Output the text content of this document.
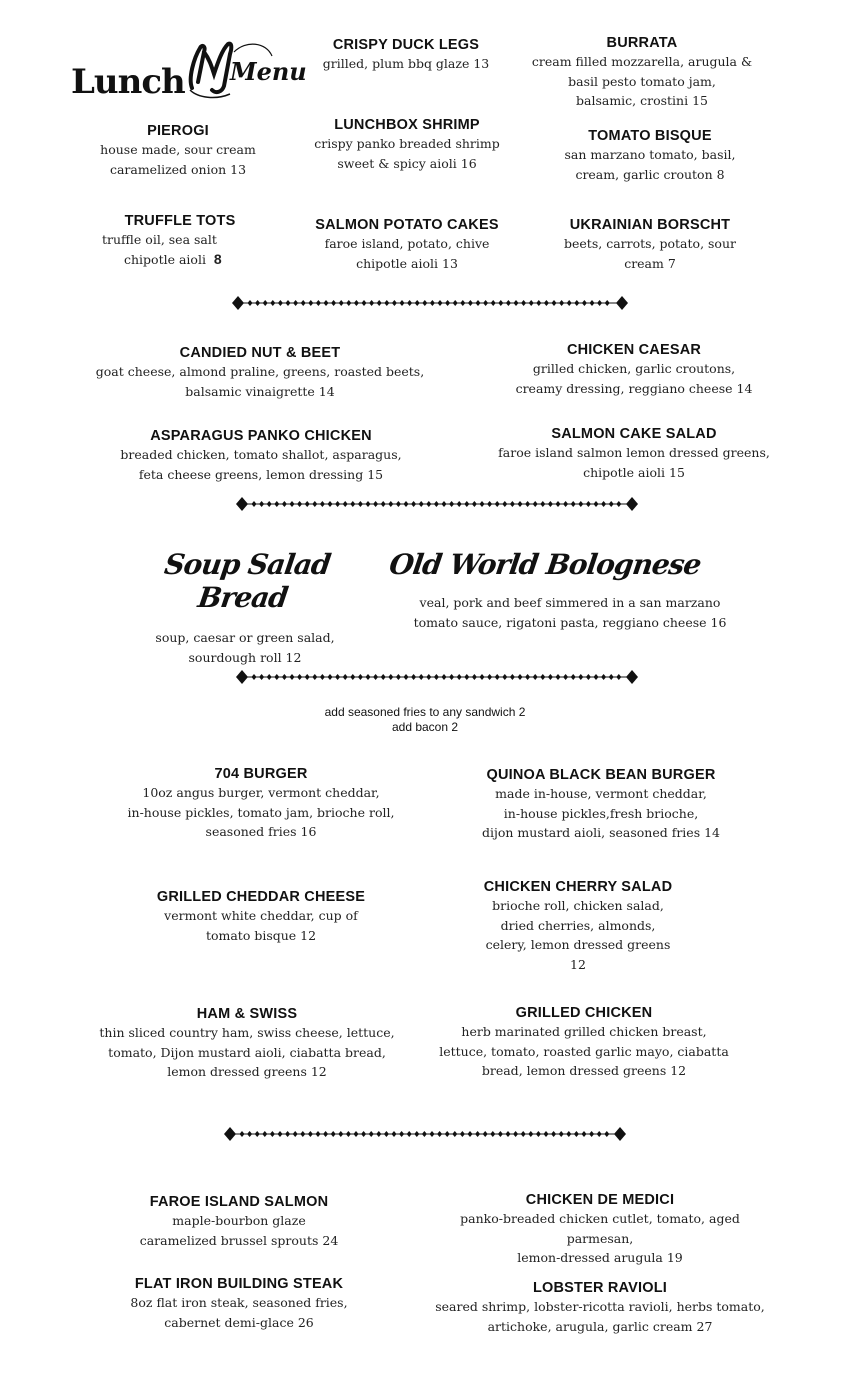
Lunch Menu

CRISPY DUCK LEGS

grilled, plum bbq glaze 13

BURRATA

cream filled mozzarella, arugula &
basil pesto tomato jam,
balsamic, crostini 15

PIEROGI

house made, sour cream
caramelized onion 13

LUNCHBOX SHRIMP

crispy panko breaded shrimp
sweet & spicy aioli 16

TOMATO BISQUE

san marzano tomato, basil,
cream, garlic crouton 8

TRUFFLE TOTS

truffle oil, sea salt

chipotle aioli 8

SALMON POTATO CAKES

faroe island, potato, chive
chipotle aioli 13

UKRAINIAN BORSCHT

beets, carrots, potato, sour
cream 7

CANDIED NUT & BEET

goat cheese, almond praline, greens, roasted beets,
balsamic vinaigrette 14

CHICKEN CAESAR

grilled chicken, garlic croutons,
creamy dressing, reggiano cheese 14

ASPARAGUS PANKO CHICKEN

breaded chicken, tomato shallot, asparagus,
feta cheese greens, lemon dressing 15

SALMON CAKE SALAD

faroe island salmon lemon dressed greens,
chipotle aioli 15

Soup Salad Bread

soup, caesar or green salad,
sourdough roll 12

Old World Bolognese

veal, pork and beef simmered in a san marzano
tomato sauce, rigatoni pasta, reggiano cheese 16

add seasoned fries to any sandwich 2
add bacon 2

704 BURGER

10oz angus burger, vermont cheddar,
in-house pickles, tomato jam, brioche roll,
seasoned fries 16

QUINOA BLACK BEAN BURGER

made in-house, vermont cheddar,
in-house pickles,fresh brioche,
dijon mustard aioli, seasoned fries 14

GRILLED CHEDDAR CHEESE

vermont white cheddar, cup of
tomato bisque 12

CHICKEN CHERRY SALAD

brioche roll, chicken salad,
dried cherries, almonds,
celery, lemon dressed greens
12

HAM & SWISS

thin sliced country ham, swiss cheese, lettuce,
tomato, Dijon mustard aioli, ciabatta bread,
lemon dressed greens 12

GRILLED CHICKEN

herb marinated grilled chicken breast,
lettuce, tomato, roasted garlic mayo, ciabatta
bread, lemon dressed greens 12

FAROE ISLAND SALMON

maple-bourbon glaze
caramelized brussel sprouts 24

CHICKEN DE MEDICI

panko-breaded chicken cutlet, tomato, aged parmesan,
lemon-dressed arugula 19

FLAT IRON BUILDING STEAK

8oz flat iron steak, seasoned fries,
cabernet demi-glace 26

LOBSTER RAVIOLI

seared shrimp, lobster-ricotta ravioli, herbs tomato,
artichoke, arugula, garlic cream 27
